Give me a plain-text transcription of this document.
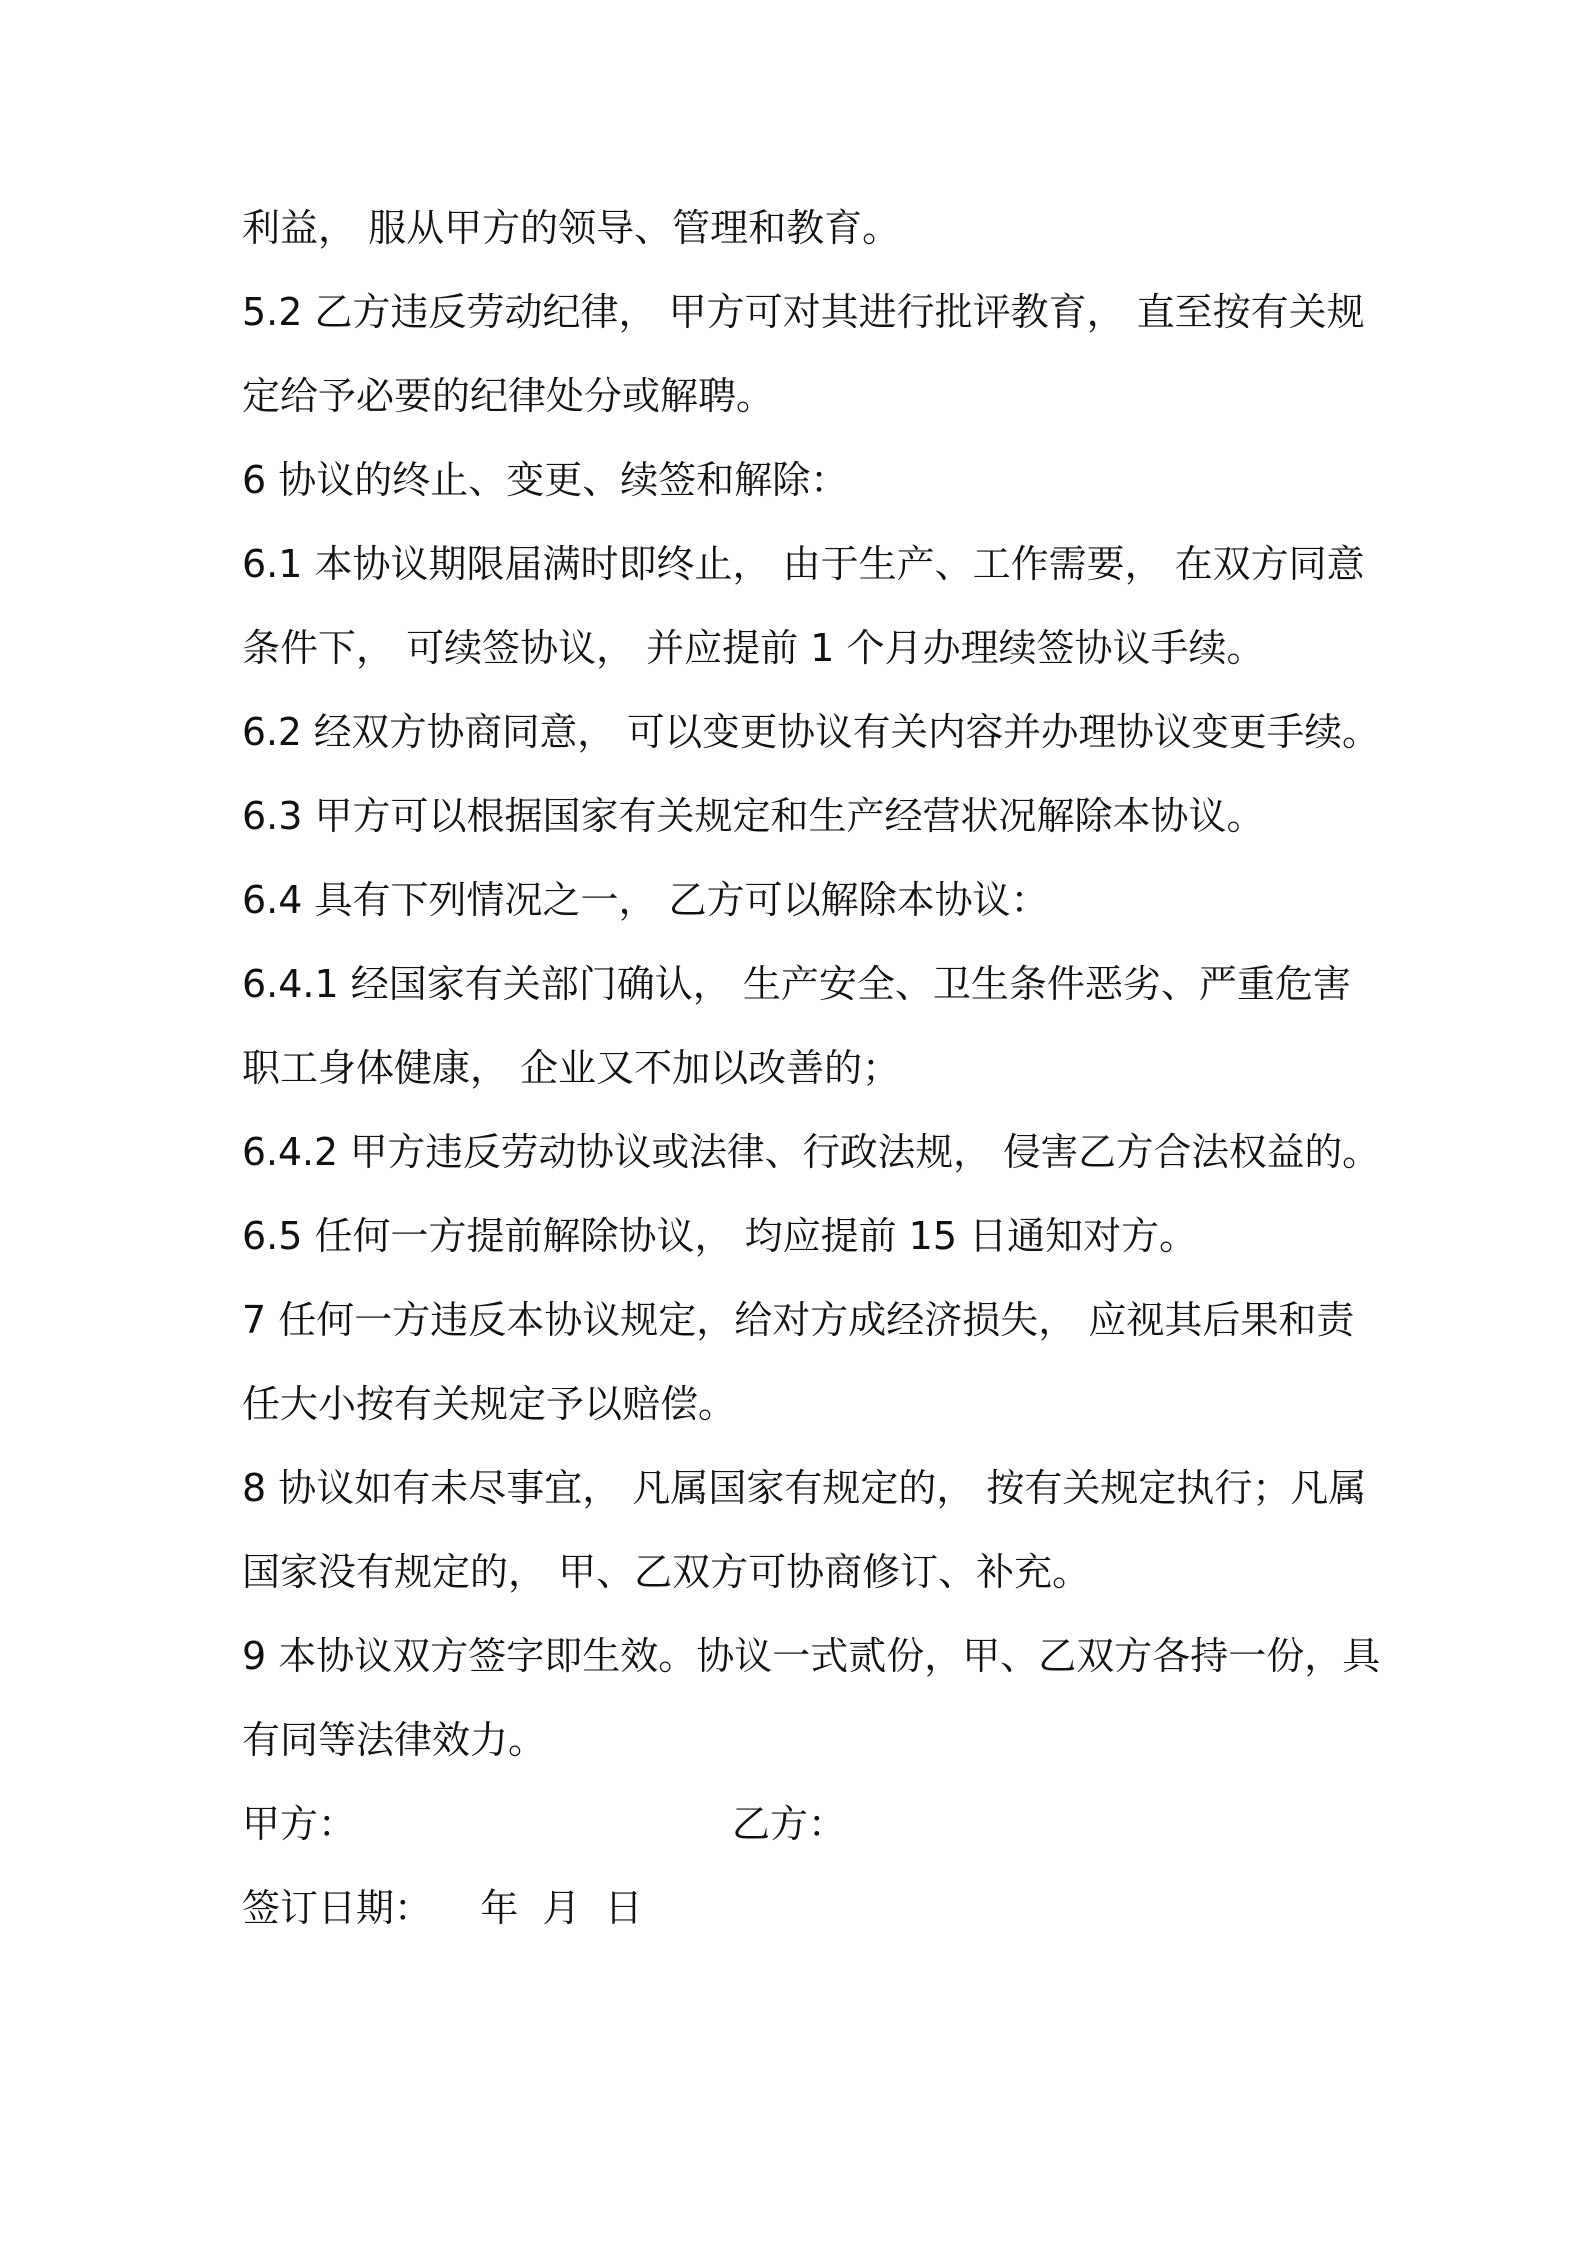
利益， 服从甲方的领导、管理和教育。
5.2 乙方违反劳动纪律， 甲方可对其进行批评教育， 直至按有关规
定给予必要的纪律处分或解聘。
6 协议的终止、变更、续签和解除：
6.1 本协议期限届满时即终止， 由于生产、工作需要， 在双方同意
条件下， 可续签协议， 并应提前 1 个月办理续签协议手续。
6.2 经双方协商同意， 可以变更协议有关内容并办理协议变更手续。
6.3 甲方可以根据国家有关规定和生产经营状况解除本协议。
6.4 具有下列情况之一， 乙方可以解除本协议：
6.4.1 经国家有关部门确认， 生产安全、卫生条件恶劣、严重危害
职工身体健康， 企业又不加以改善的；
6.4.2 甲方违反劳动协议或法律、行政法规， 侵害乙方合法权益的。
6.5 任何一方提前解除协议， 均应提前 15 日通知对方。
7 任何一方违反本协议规定，给对方成经济损失， 应视其后果和责
任大小按有关规定予以赔偿。
8 协议如有未尽事宜， 凡属国家有规定的， 按有关规定执行；凡属
国家没有规定的， 甲、乙双方可协商修订、补充。
9 本协议双方签字即生效。协议一式贰份，甲、乙双方各持一份，具
有同等法律效力。
甲方：	乙方：
签订日期：    年  月  日
